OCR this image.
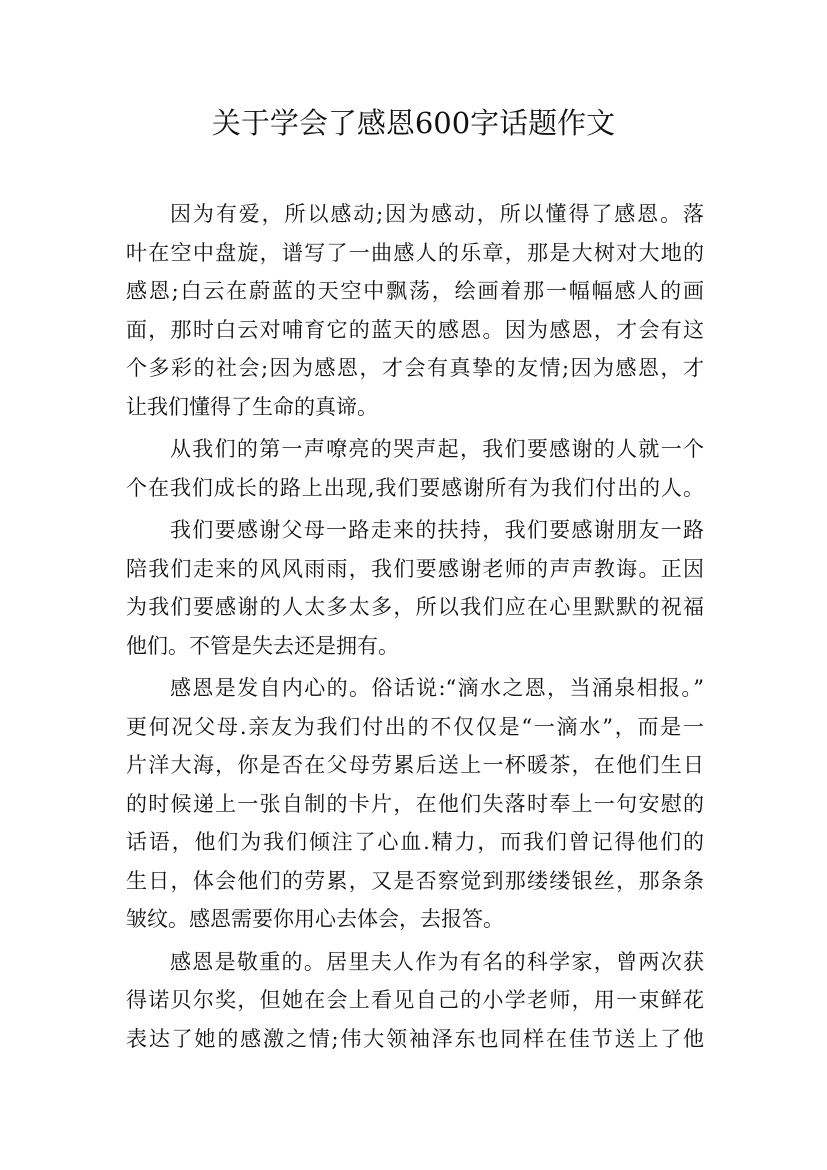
关于学会了感恩600字话题作文
因为有爱，所以感动;因为感动，所以懂得了感恩。落
叶在空中盘旋，谱写了一曲感人的乐章，那是大树对大地的
感恩;白云在蔚蓝的天空中飘荡，绘画着那一幅幅感人的画
面，那时白云对哺育它的蓝天的感恩。因为感恩，才会有这
个多彩的社会;因为感恩，才会有真挚的友情;因为感恩，才
让我们懂得了生命的真谛。
从我们的第一声嘹亮的哭声起，我们要感谢的人就一个
个在我们成长的路上出现,我们要感谢所有为我们付出的人。
我们要感谢父母一路走来的扶持，我们要感谢朋友一路
陪我们走来的风风雨雨，我们要感谢老师的声声教诲。正因
为我们要感谢的人太多太多，所以我们应在心里默默的祝福
他们。不管是失去还是拥有。
感恩是发自内心的。俗话说:“滴水之恩，当涌泉相报。”
更何况父母.亲友为我们付出的不仅仅是“一滴水”，而是一
片洋大海，你是否在父母劳累后送上一杯暖茶，在他们生日
的时候递上一张自制的卡片，在他们失落时奉上一句安慰的
话语，他们为我们倾注了心血.精力，而我们曾记得他们的
生日，体会他们的劳累，又是否察觉到那缕缕银丝，那条条
皱纹。感恩需要你用心去体会，去报答。
感恩是敬重的。居里夫人作为有名的科学家，曾两次获
得诺贝尔奖，但她在会上看见自己的小学老师，用一束鲜花
表达了她的感激之情;伟大领袖泽东也同样在佳节送上了他
